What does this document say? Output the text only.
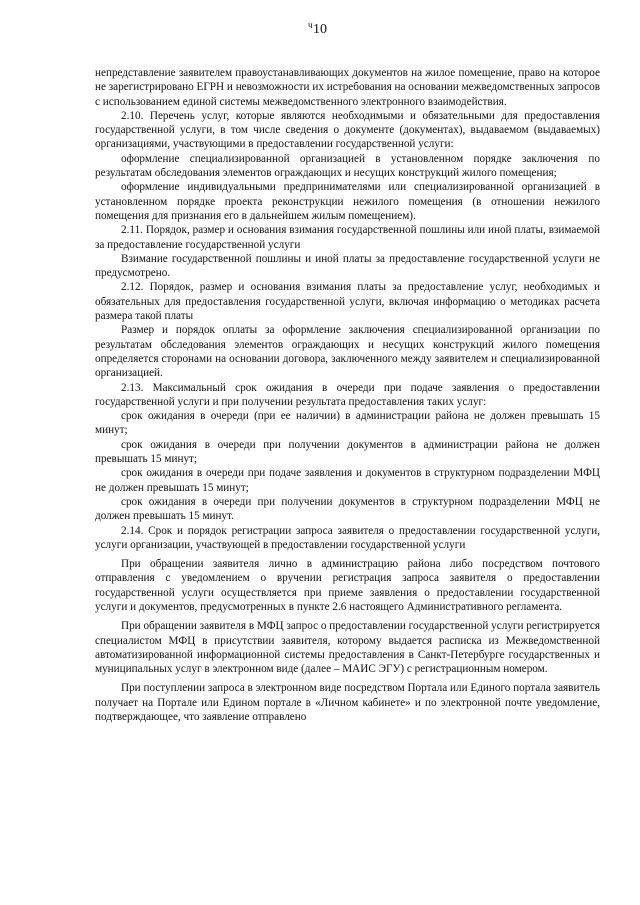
ч 10

непредставление заявителем правоустанавливающих документов на жилое помещение, право на которое не зарегистрировано ЕГРН и невозможности их истребования на основании межведомственных запросов с использованием единой системы межведомственного электронного взаимодействия.

2.10. Перечень услуг, которые являются необходимыми и обязательными для предоставления государственной услуги, в том числе сведения о документе (документах), выдаваемом (выдаваемых) организациями, участвующими в предоставлении государственной услуги:

оформление специализированной организацией в установленном порядке заключения по результатам обследования элементов ограждающих и несущих конструкций жилого помещения;

оформление индивидуальными предпринимателями или специализированной организацией в установленном порядке проекта реконструкции нежилого помещения (в отношении нежилого помещения для признания его в дальнейшем жилым помещением).

2.11. Порядок, размер и основания взимания государственной пошлины или иной платы, взимаемой за предоставление государственной услуги

Взимание государственной пошлины и иной платы за предоставление государственной услуги не предусмотрено.

2.12. Порядок, размер и основания взимания платы за предоставление услуг, необходимых и обязательных для предоставления государственной услуги, включая информацию о методиках расчета размера такой платы

Размер и порядок оплаты за оформление заключения специализированной организации по результатам обследования элементов ограждающих и несущих конструкций жилого помещения определяется сторонами на основании договора, заключенного между заявителем и специализированной организацией.

2.13. Максимальный срок ожидания в очереди при подаче заявления о предоставлении государственной услуги и при получении результата предоставления таких услуг:

срок ожидания в очереди (при ее наличии) в администрации района не должен превышать 15 минут;

срок ожидания в очереди при получении документов в администрации района не должен превышать 15 минут;

срок ожидания в очереди при подаче заявления и документов в структурном подразделении МФЦ не должен превышать 15 минут;

срок ожидания в очереди при получении документов в структурном подразделении МФЦ не должен превышать 15 минут.

2.14. Срок и порядок регистрации запроса заявителя о предоставлении государственной услуги, услуги организации, участвующей в предоставлении государственной услуги

При обращении заявителя лично в администрацию района либо посредством почтового отправления с уведомлением о вручении регистрация запроса заявителя о предоставлении государственной услуги осуществляется при приеме заявления о предоставлении государственной услуги и документов, предусмотренных в пункте 2.6 настоящего Административного регламента.

При обращении заявителя в МФЦ запрос о предоставлении государственной услуги регистрируется специалистом МФЦ в присутствии заявителя, которому выдается расписка из Межведомственной автоматизированной информационной системы предоставления в Санкт-Петербурге государственных и муниципальных услуг в электронном виде (далее – МАИС ЭГУ) с регистрационным номером.

При поступлении запроса в электронном виде посредством Портала или Единого портала заявитель получает на Портале или Едином портале в «Личном кабинете» и по электронной почте уведомление, подтверждающее, что заявление отправлено
